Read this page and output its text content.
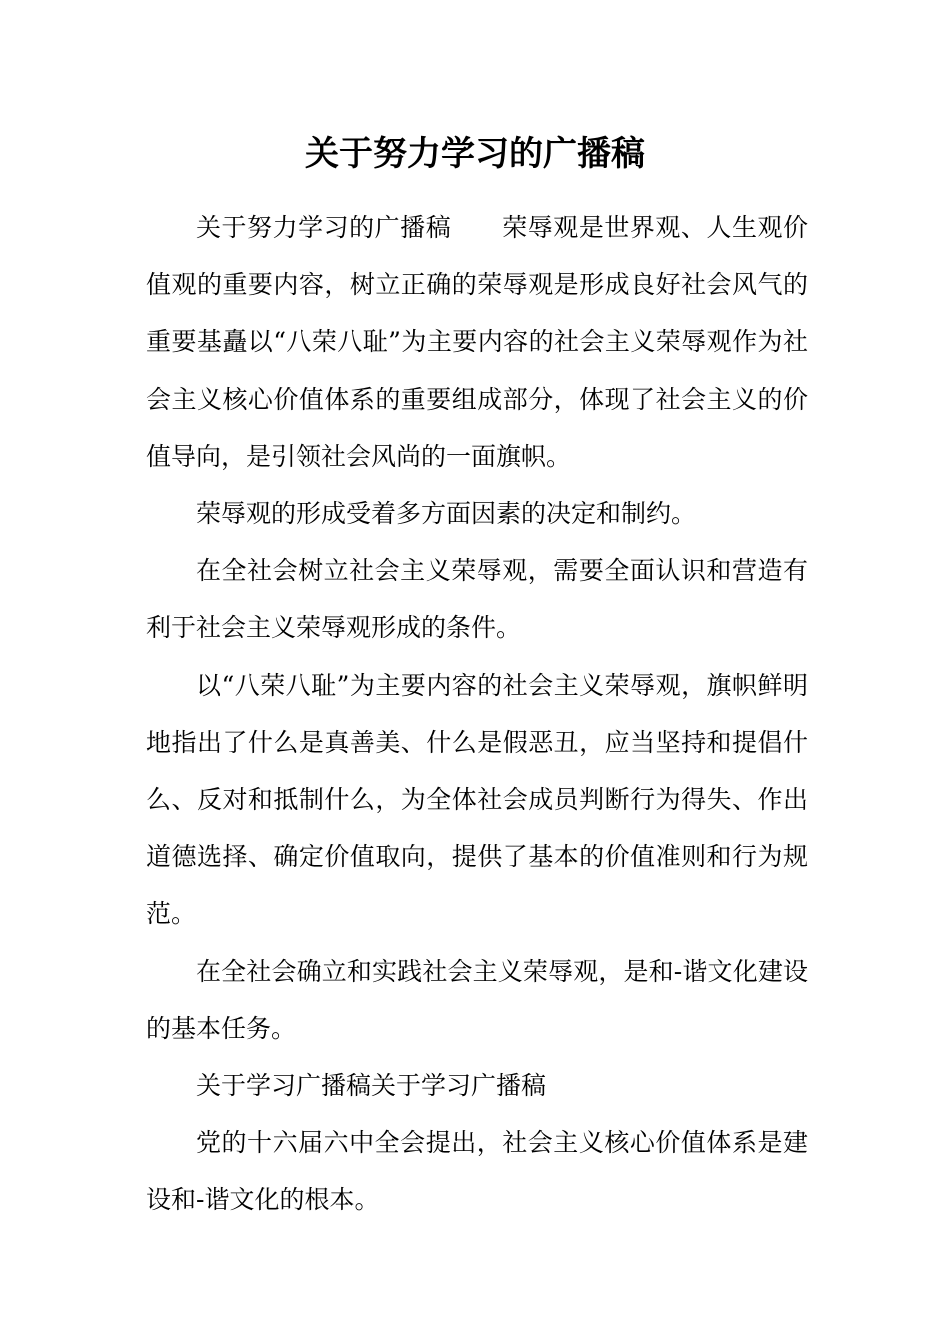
关于努力学习的广播稿

关于努力学习的广播稿　　荣辱观是世界观、人生观价值观的重要内容，树立正确的荣辱观是形成良好社会风气的重要基矗以“八荣八耻”为主要内容的社会主义荣辱观作为社会主义核心价值体系的重要组成部分，体现了社会主义的价值导向，是引领社会风尚的一面旗帜。

荣辱观的形成受着多方面因素的决定和制约。

在全社会树立社会主义荣辱观，需要全面认识和营造有利于社会主义荣辱观形成的条件。

以“八荣八耻”为主要内容的社会主义荣辱观，旗帜鲜明地指出了什么是真善美、什么是假恶丑，应当坚持和提倡什么、反对和抵制什么，为全体社会成员判断行为得失、作出道德选择、确定价值取向，提供了基本的价值准则和行为规范。

在全社会确立和实践社会主义荣辱观，是和-谐文化建设的基本任务。

关于学习广播稿关于学习广播稿

党的十六届六中全会提出，社会主义核心价值体系是建设和-谐文化的根本。
